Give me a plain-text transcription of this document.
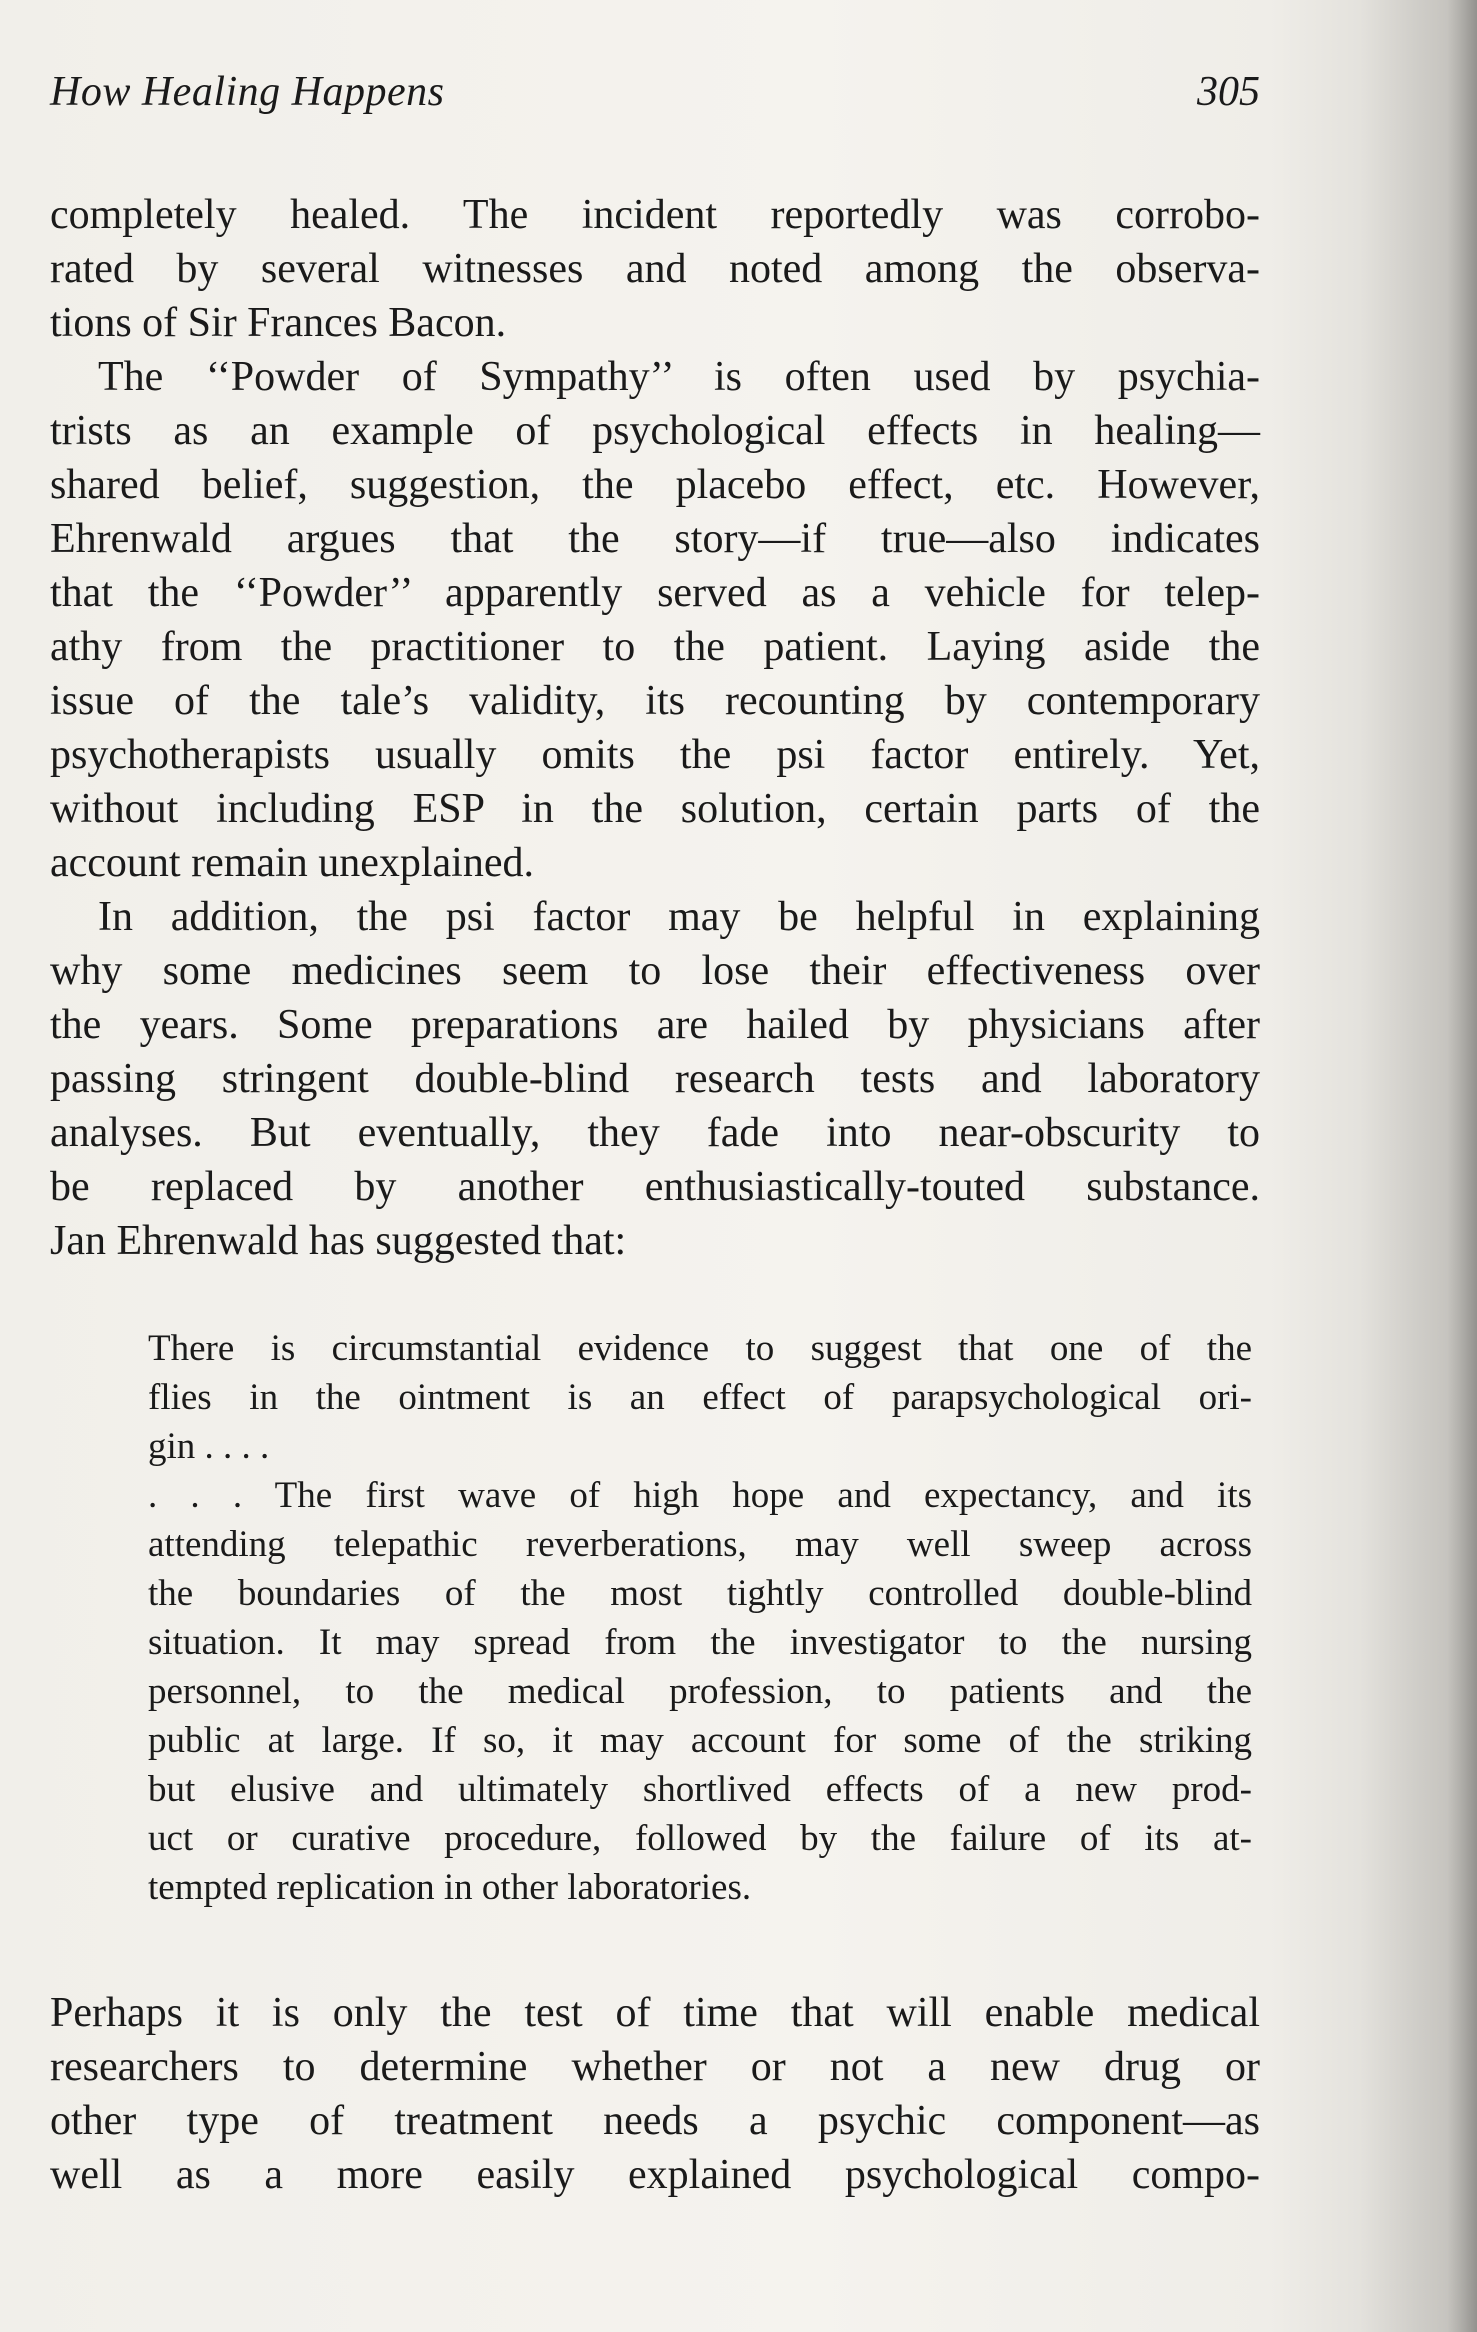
How Healing Happens	305
completely healed. The incident reportedly was corrobo-
rated by several witnesses and noted among the observa-
tions of Sir Frances Bacon.
The ‘‘Powder of Sympathy’’ is often used by psychia-
trists as an example of psychological effects in healing—
shared belief, suggestion, the placebo effect, etc. However,
Ehrenwald argues that the story—if true—also indicates
that the ‘‘Powder’’ apparently served as a vehicle for telep-
athy from the practitioner to the patient. Laying aside the
issue of the tale’s validity, its recounting by contemporary
psychotherapists usually omits the psi factor entirely. Yet,
without including ESP in the solution, certain parts of the
account remain unexplained.
In addition, the psi factor may be helpful in explaining
why some medicines seem to lose their effectiveness over
the years. Some preparations are hailed by physicians after
passing stringent double-blind research tests and laboratory
analyses. But eventually, they fade into near-obscurity to
be replaced by another enthusiastically-touted substance.
Jan Ehrenwald has suggested that:
There is circumstantial evidence to suggest that one of the
flies in the ointment is an effect of parapsychological ori-
gin . . . .
. . . The first wave of high hope and expectancy, and its
attending telepathic reverberations, may well sweep across
the boundaries of the most tightly controlled double-blind
situation. It may spread from the investigator to the nursing
personnel, to the medical profession, to patients and the
public at large. If so, it may account for some of the striking
but elusive and ultimately shortlived effects of a new prod-
uct or curative procedure, followed by the failure of its at-
tempted replication in other laboratories.
Perhaps it is only the test of time that will enable medical
researchers to determine whether or not a new drug or
other type of treatment needs a psychic component—as
well as a more easily explained psychological compo-
